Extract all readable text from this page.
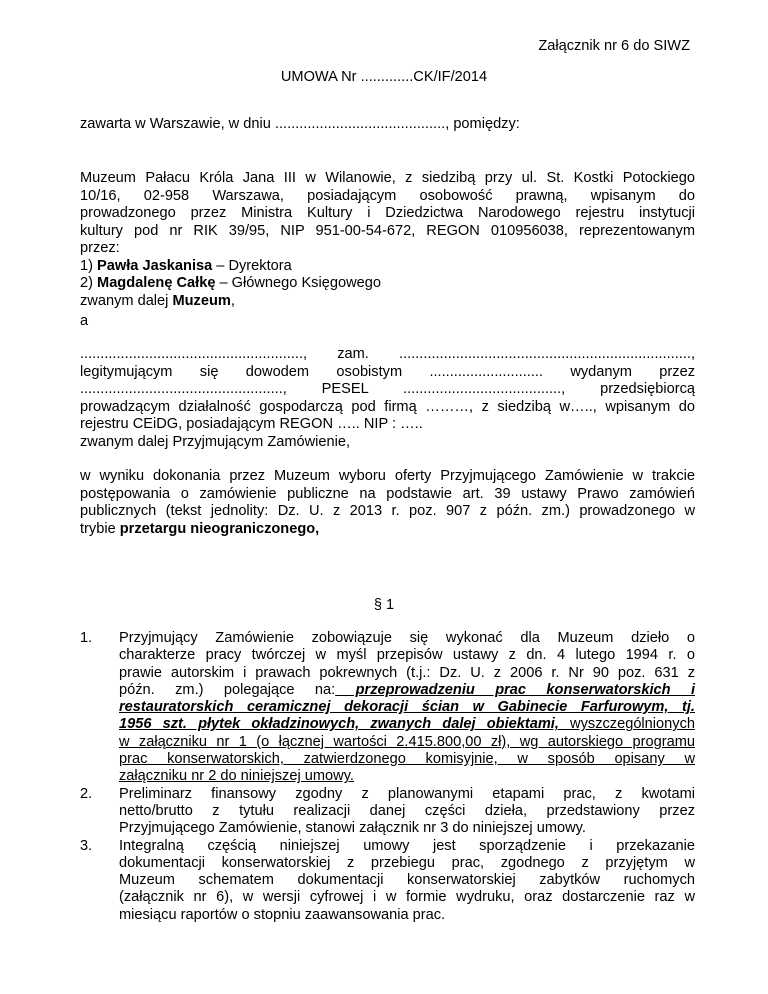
Załącznik nr 6 do SIWZ
UMOWA Nr .............CK/IF/2014
zawarta w Warszawie, w dniu .........................................., pomiędzy:
Muzeum Pałacu Króla Jana III w Wilanowie, z siedzibą przy ul. St. Kostki Potockiego
10/16, 02-958 Warszawa, posiadającym osobowość prawną, wpisanym do
prowadzonego przez Ministra Kultury i Dziedzictwa Narodowego rejestru instytucji
kultury pod nr RIK 39/95, NIP 951-00-54-672, REGON 010956038, reprezentowanym
przez:
1) Pawła Jaskanisa – Dyrektora
2) Magdalenę Całkę – Głównego Księgowego
zwanym dalej Muzeum,
a
......................................................., zam. ........................................................................,
legitymującym się dowodem osobistym ............................ wydanym przez
.................................................., PESEL ......................................., przedsiębiorcą
prowadzącym działalność gospodarczą pod firmą ………, z siedzibą w….., wpisanym do
rejestru CEiDG, posiadającym REGON ….. NIP : …..
zwanym dalej Przyjmującym Zamówienie,
w wyniku dokonania przez Muzeum wyboru oferty Przyjmującego Zamówienie w trakcie
postępowania o zamówienie publiczne na podstawie art. 39 ustawy Prawo zamówień
publicznych (tekst jednolity: Dz. U. z 2013 r. poz. 907 z późn. zm.) prowadzonego w
trybie przetargu nieograniczonego,
§ 1
1. Przyjmujący Zamówienie zobowiązuje się wykonać dla Muzeum dzieło o
charakterze pracy twórczej w myśl przepisów ustawy z dn. 4 lutego 1994 r. o
prawie autorskim i prawach pokrewnych (t.j.: Dz. U. z 2006 r. Nr 90 poz. 631 z
późn. zm.) polegające na: przeprowadzeniu prac konserwatorskich i
restauratorskich ceramicznej dekoracji ścian w Gabinecie Farfurowym, tj.
1956 szt. płytek okładzinowych, zwanych dalej obiektami, wyszczególnionych
w załączniku nr 1 (o łącznej wartości 2.415.800,00 zł), wg autorskiego programu
prac konserwatorskich, zatwierdzonego komisyjnie, w sposób opisany w
załączniku nr 2 do niniejszej umowy.
2. Preliminarz finansowy zgodny z planowanymi etapami prac, z kwotami
netto/brutto z tytułu realizacji danej części dzieła, przedstawiony przez
Przyjmującego Zamówienie, stanowi załącznik nr 3 do niniejszej umowy.
3. Integralną częścią niniejszej umowy jest sporządzenie i przekazanie
dokumentacji konserwatorskiej z przebiegu prac, zgodnego z przyjętym w
Muzeum schematem dokumentacji konserwatorskiej zabytków ruchomych
(załącznik nr 6), w wersji cyfrowej i w formie wydruku, oraz dostarczenie raz w
miesiącu raportów o stopniu zaawansowania prac.
